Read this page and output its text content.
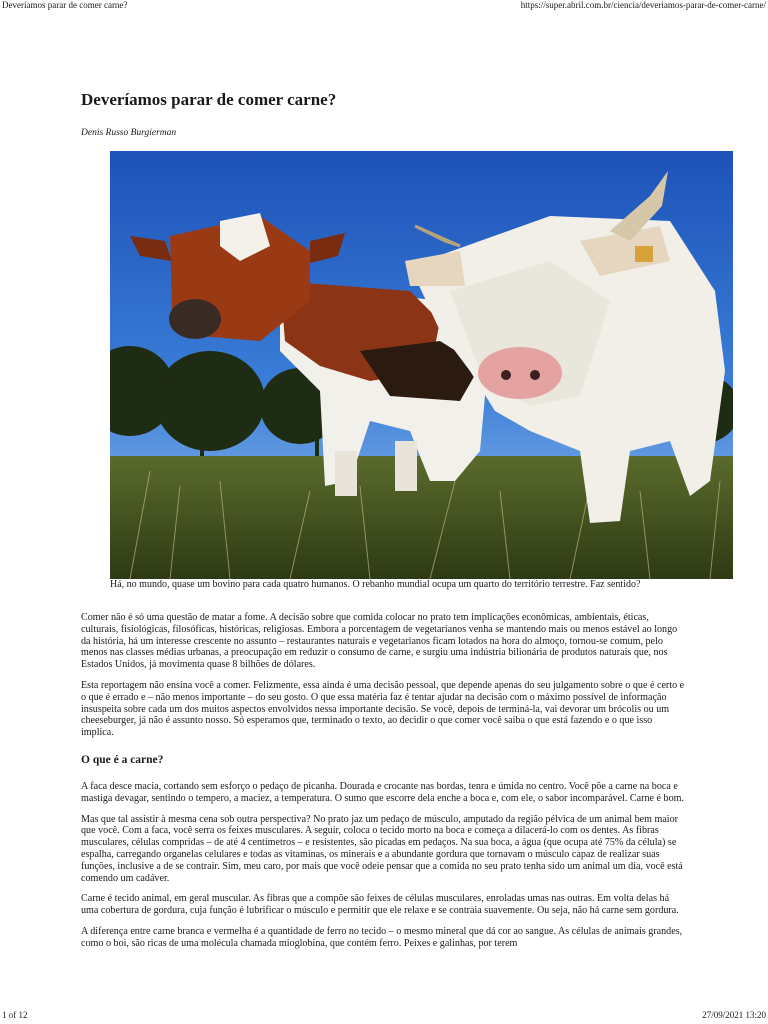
Deveríamos parar de comer carne?	https://super.abril.com.br/ciencia/deveriamos-parar-de-comer-carne/
Deveríamos parar de comer carne?
Denis Russo Burgierman
Há, no mundo, quase um bovino para cada quatro humanos. O rebanho mundial ocupa um quarto do território terrestre. Faz sentido?

Comer não é só uma questão de matar a fome. A decisão sobre que comida colocar no prato tem implicações econômicas, ambientais, éticas, culturais, fisiológicas, filosóficas, históricas, religiosas. Embora a porcentagem de vegetarianos venha se mantendo mais ou menos estável ao longo da história, há um interesse crescente no assunto – restaurantes naturais e vegetarianos ficam lotados na hora do almoço, tornou-se comum, pelo menos nas classes médias urbanas, a preocupação em reduzir o consumo de carne, e surgiu uma indústria bilionária de produtos naturais que, nos Estados Unidos, já movimenta quase 8 bilhões de dólares.

Esta reportagem não ensina você a comer. Felizmente, essa ainda é uma decisão pessoal, que depende apenas do seu julgamento sobre o que é certo e o que é errado e – não menos importante – do seu gosto. O que essa matéria faz é tentar ajudar na decisão com o máximo possível de informação insuspeita sobre cada um dos muitos aspectos envolvidos nessa importante decisão. Se você, depois de terminá-la, vai devorar um brócolis ou um cheeseburger, já não é assunto nosso. Só esperamos que, terminado o texto, ao decidir o que comer você saiba o que está fazendo e o que isso implica.

O que é a carne?

A faca desce macia, cortando sem esforço o pedaço de picanha. Dourada e crocante nas bordas, tenra e úmida no centro. Você põe a carne na boca e mastiga devagar, sentindo o tempero, a maciez, a temperatura. O sumo que escorre dela enche a boca e, com ele, o sabor incomparável. Carne é bom.

Mas que tal assistir à mesma cena sob outra perspectiva? No prato jaz um pedaço de músculo, amputado da região pélvica de um animal bem maior que você. Com a faca, você serra os feixes musculares. A seguir, coloca o tecido morto na boca e começa a dilacerá-lo com os dentes. As fibras musculares, células compridas – de até 4 centímetros – e resistentes, são picadas em pedaços. Na sua boca, a água (que ocupa até 75% da célula) se espalha, carregando organelas celulares e todas as vitaminas, os minerais e a abundante gordura que tornavam o músculo capaz de realizar suas funções, inclusive a de se contrair. Sim, meu caro, por mais que você odeie pensar que a comida no seu prato tenha sido um animal um dia, você está comendo um cadáver.

Carne é tecido animal, em geral muscular. As fibras que a compõe são feixes de células musculares, enroladas umas nas outras. Em volta delas há uma cobertura de gordura, cuja função é lubrificar o músculo e permitir que ele relaxe e se contraia suavemente. Ou seja, não há carne sem gordura.

A diferença entre carne branca e vermelha é a quantidade de ferro no tecido – o mesmo mineral que dá cor ao sangue. As células de animais grandes, como o boi, são ricas de uma molécula chamada mioglobina, que contém ferro. Peixes e galinhas, por terem

1 of 12	27/09/2021 13:20
